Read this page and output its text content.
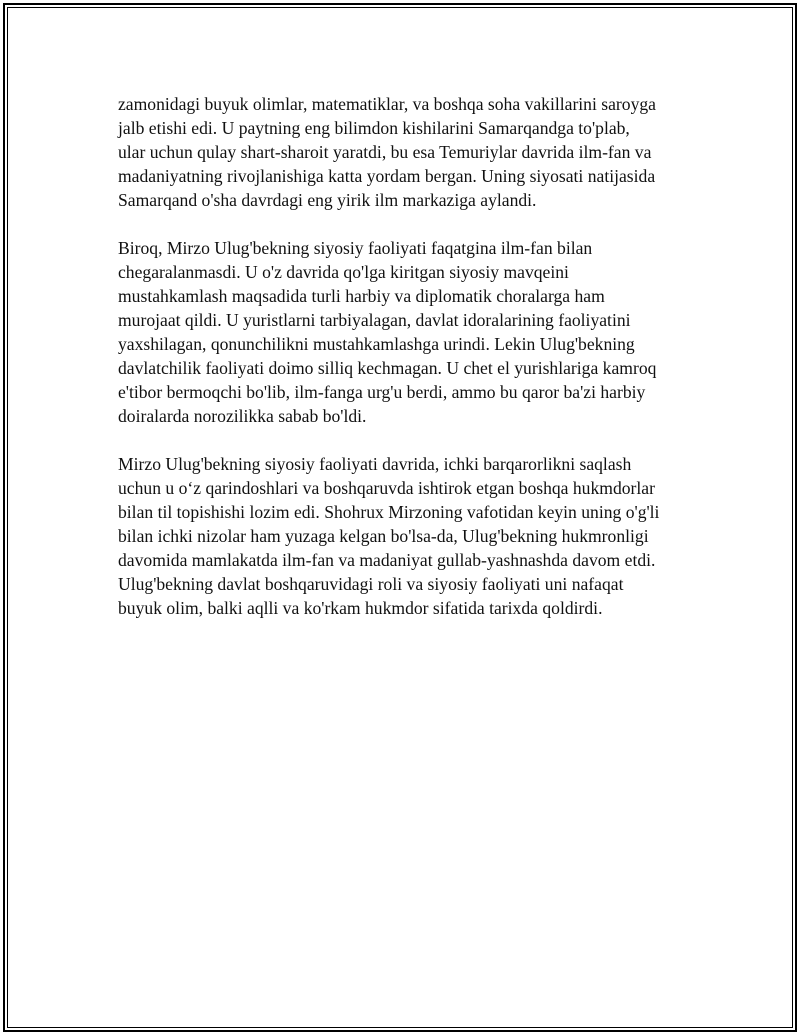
zamonidagi buyuk olimlar, matematiklar, va boshqa soha vakillarini saroyga
jalb etishi edi. U paytning eng bilimdon kishilarini Samarqandga to'plab,
ular uchun qulay shart-sharoit yaratdi, bu esa Temuriylar davrida ilm-fan va
madaniyatning rivojlanishiga katta yordam bergan. Uning siyosati natijasida
Samarqand o'sha davrdagi eng yirik ilm markaziga aylandi.

Biroq, Mirzo Ulug'bekning siyosiy faoliyati faqatgina ilm-fan bilan
chegaralanmasdi. U o'z davrida qo'lga kiritgan siyosiy mavqeini
mustahkamlash maqsadida turli harbiy va diplomatik choralarga ham
murojaat qildi. U yuristlarni tarbiyalagan, davlat idoralarining faoliyatini
yaxshilagan, qonunchilikni mustahkamlashga urindi. Lekin Ulug'bekning
davlatchilik faoliyati doimo silliq kechmagan. U chet el yurishlariga kamroq
e'tibor bermoqchi bo'lib, ilm-fanga urg'u berdi, ammo bu qaror ba'zi harbiy
doiralarda norozilikka sabab bo'ldi.

Mirzo Ulug'bekning siyosiy faoliyati davrida, ichki barqarorlikni saqlash
uchun u o‘z qarindoshlari va boshqaruvda ishtirok etgan boshqa hukmdorlar
bilan til topishishi lozim edi. Shohrux Mirzoning vafotidan keyin uning o'g'li
bilan ichki nizolar ham yuzaga kelgan bo'lsa-da, Ulug'bekning hukmronligi
davomida mamlakatda ilm-fan va madaniyat gullab-yashnashda davom etdi.
Ulug'bekning davlat boshqaruvidagi roli va siyosiy faoliyati uni nafaqat
buyuk olim, balki aqlli va ko'rkam hukmdor sifatida tarixda qoldirdi.
